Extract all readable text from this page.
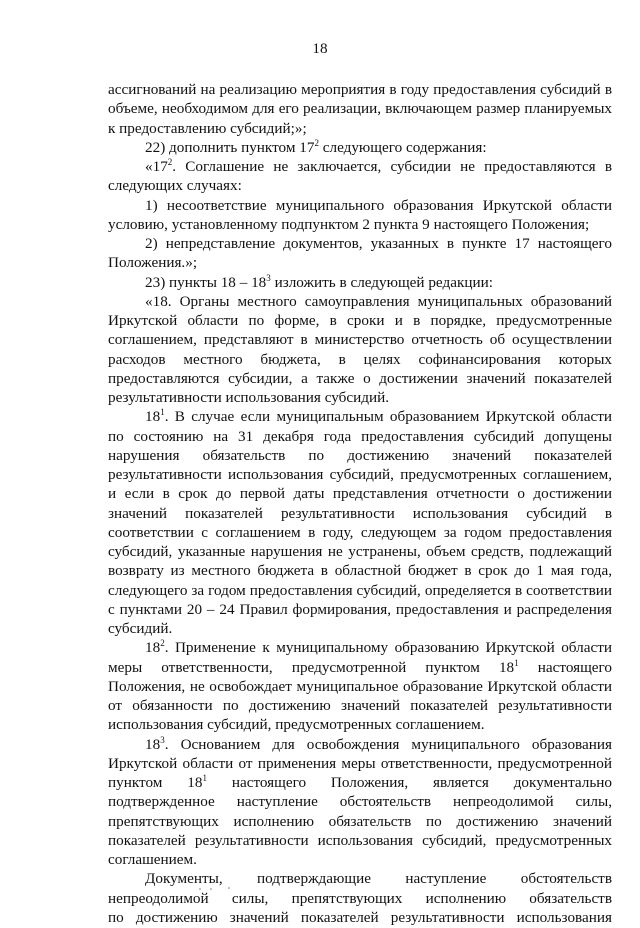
18
ассигнований на реализацию мероприятия в году предоставления субсидий в
объеме, необходимом для его реализации, включающем размер планируемых
к предоставлению субсидий;»;
22) дополнить пунктом $17^2$ следующего содержания:
«$17^2$. Соглашение не заключается, субсидии не предоставляются в
следующих случаях:
1) несоответствие муниципального образования Иркутской области
условию, установленному подпунктом 2 пункта 9 настоящего Положения;
2) непредставление документов, указанных в пункте 17 настоящего
Положения.»;
23) пункты $18 - 18^3$ изложить в следующей редакции:
«18. Органы местного самоуправления муниципальных образований
Иркутской области по форме, в сроки и в порядке, предусмотренные
соглашением, представляют в министерство отчетность об осуществлении
расходов местного бюджета, в целях софинансирования которых
предоставляются субсидии, а также о достижении значений показателей
результативности использования субсидий.
$18^1$. В случае если муниципальным образованием Иркутской области
по состоянию на 31 декабря года предоставления субсидий допущены
нарушения обязательств по достижению значений показателей
результативности использования субсидий, предусмотренных соглашением,
и если в срок до первой даты представления отчетности о достижении
значений показателей результативности использования субсидий в
соответствии с соглашением в году, следующем за годом предоставления
субсидий, указанные нарушения не устранены, объем средств, подлежащий
возврату из местного бюджета в областной бюджет в срок до 1 мая года,
следующего за годом предоставления субсидий, определяется в соответствии
с пунктами 20 – 24 Правил формирования, предоставления и распределения
субсидий.
$18^2$. Применение к муниципальному образованию Иркутской области
меры ответственности, предусмотренной пунктом $18^1$ настоящего
Положения, не освобождает муниципальное образование Иркутской области
от обязанности по достижению значений показателей результативности
использования субсидий, предусмотренных соглашением.
$18^3$. Основанием для освобождения муниципального образования
Иркутской области от применения меры ответственности, предусмотренной
пунктом $18^1$ настоящего Положения, является документально
подтвержденное наступление обстоятельств непреодолимой силы,
препятствующих исполнению обязательств по достижению значений
показателей результативности использования субсидий, предусмотренных
соглашением.
Документы, подтверждающие наступление обстоятельств
непреодолимой силы, препятствующих исполнению обязательств
по достижению значений показателей результативности использования
